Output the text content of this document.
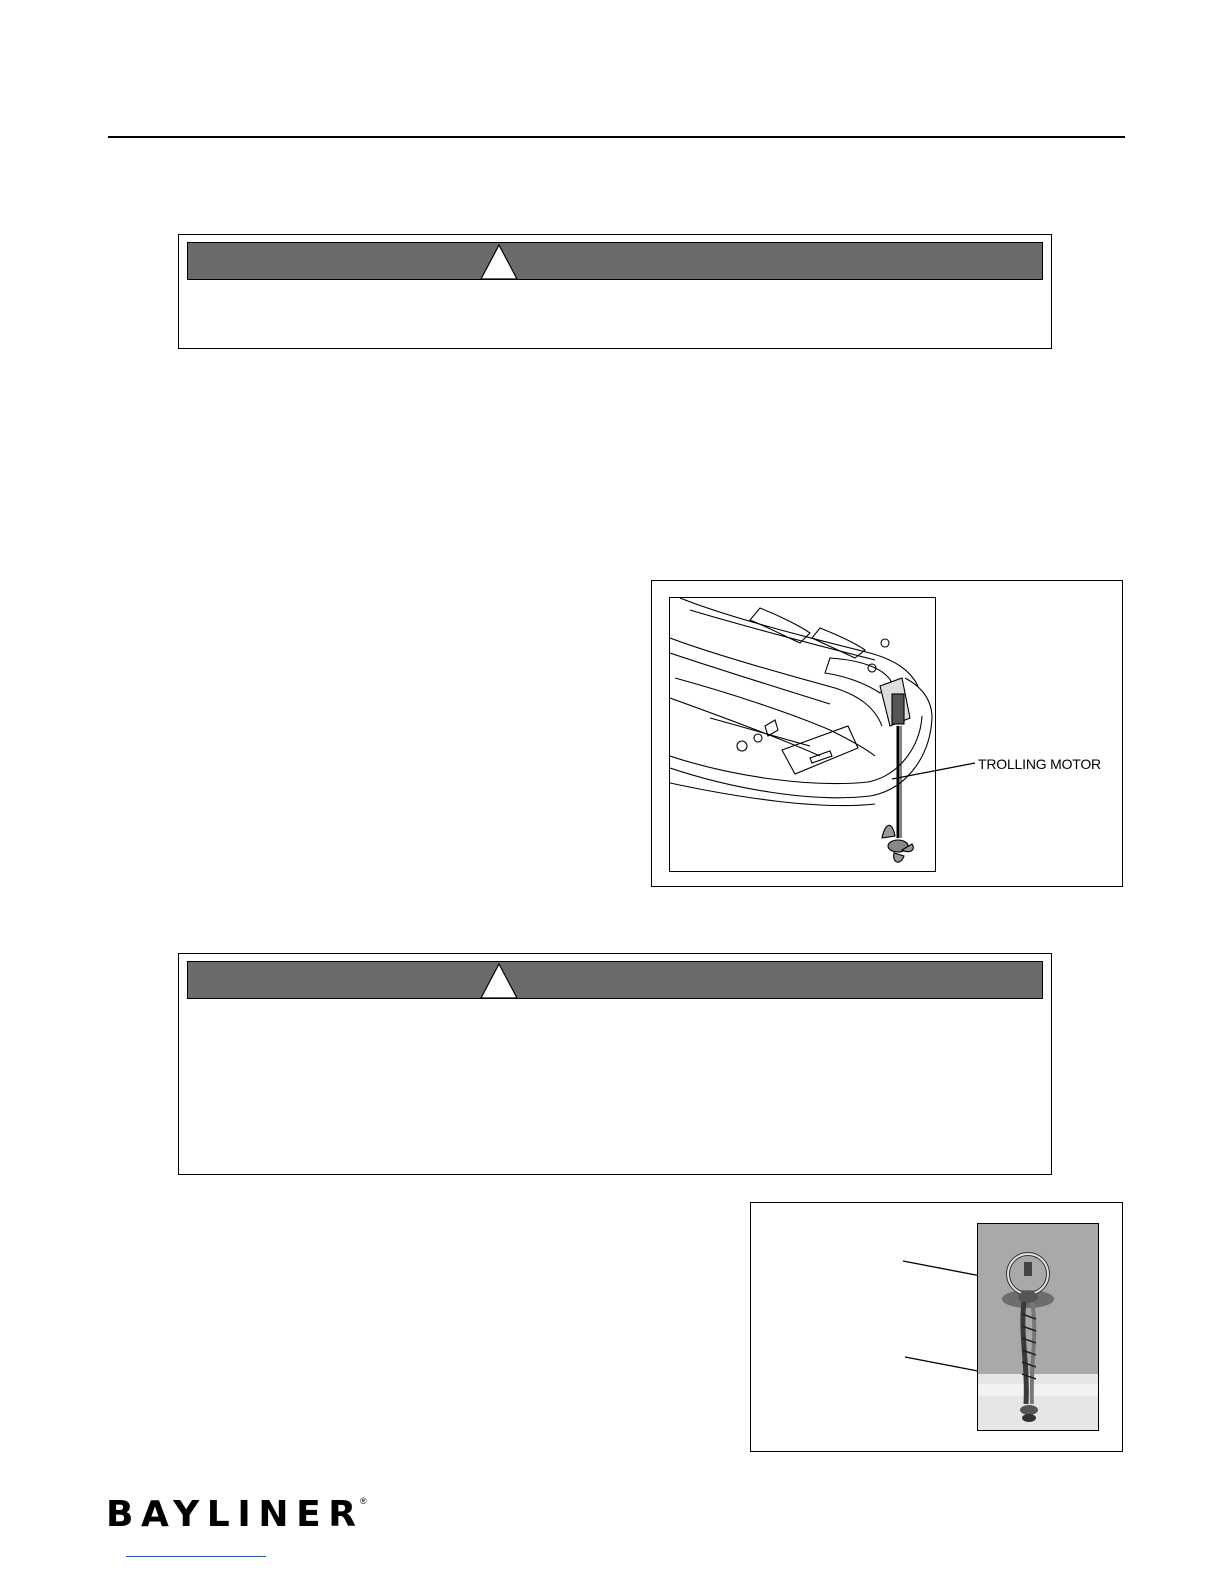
TROLLING MOTOR
BAYLINER ®
